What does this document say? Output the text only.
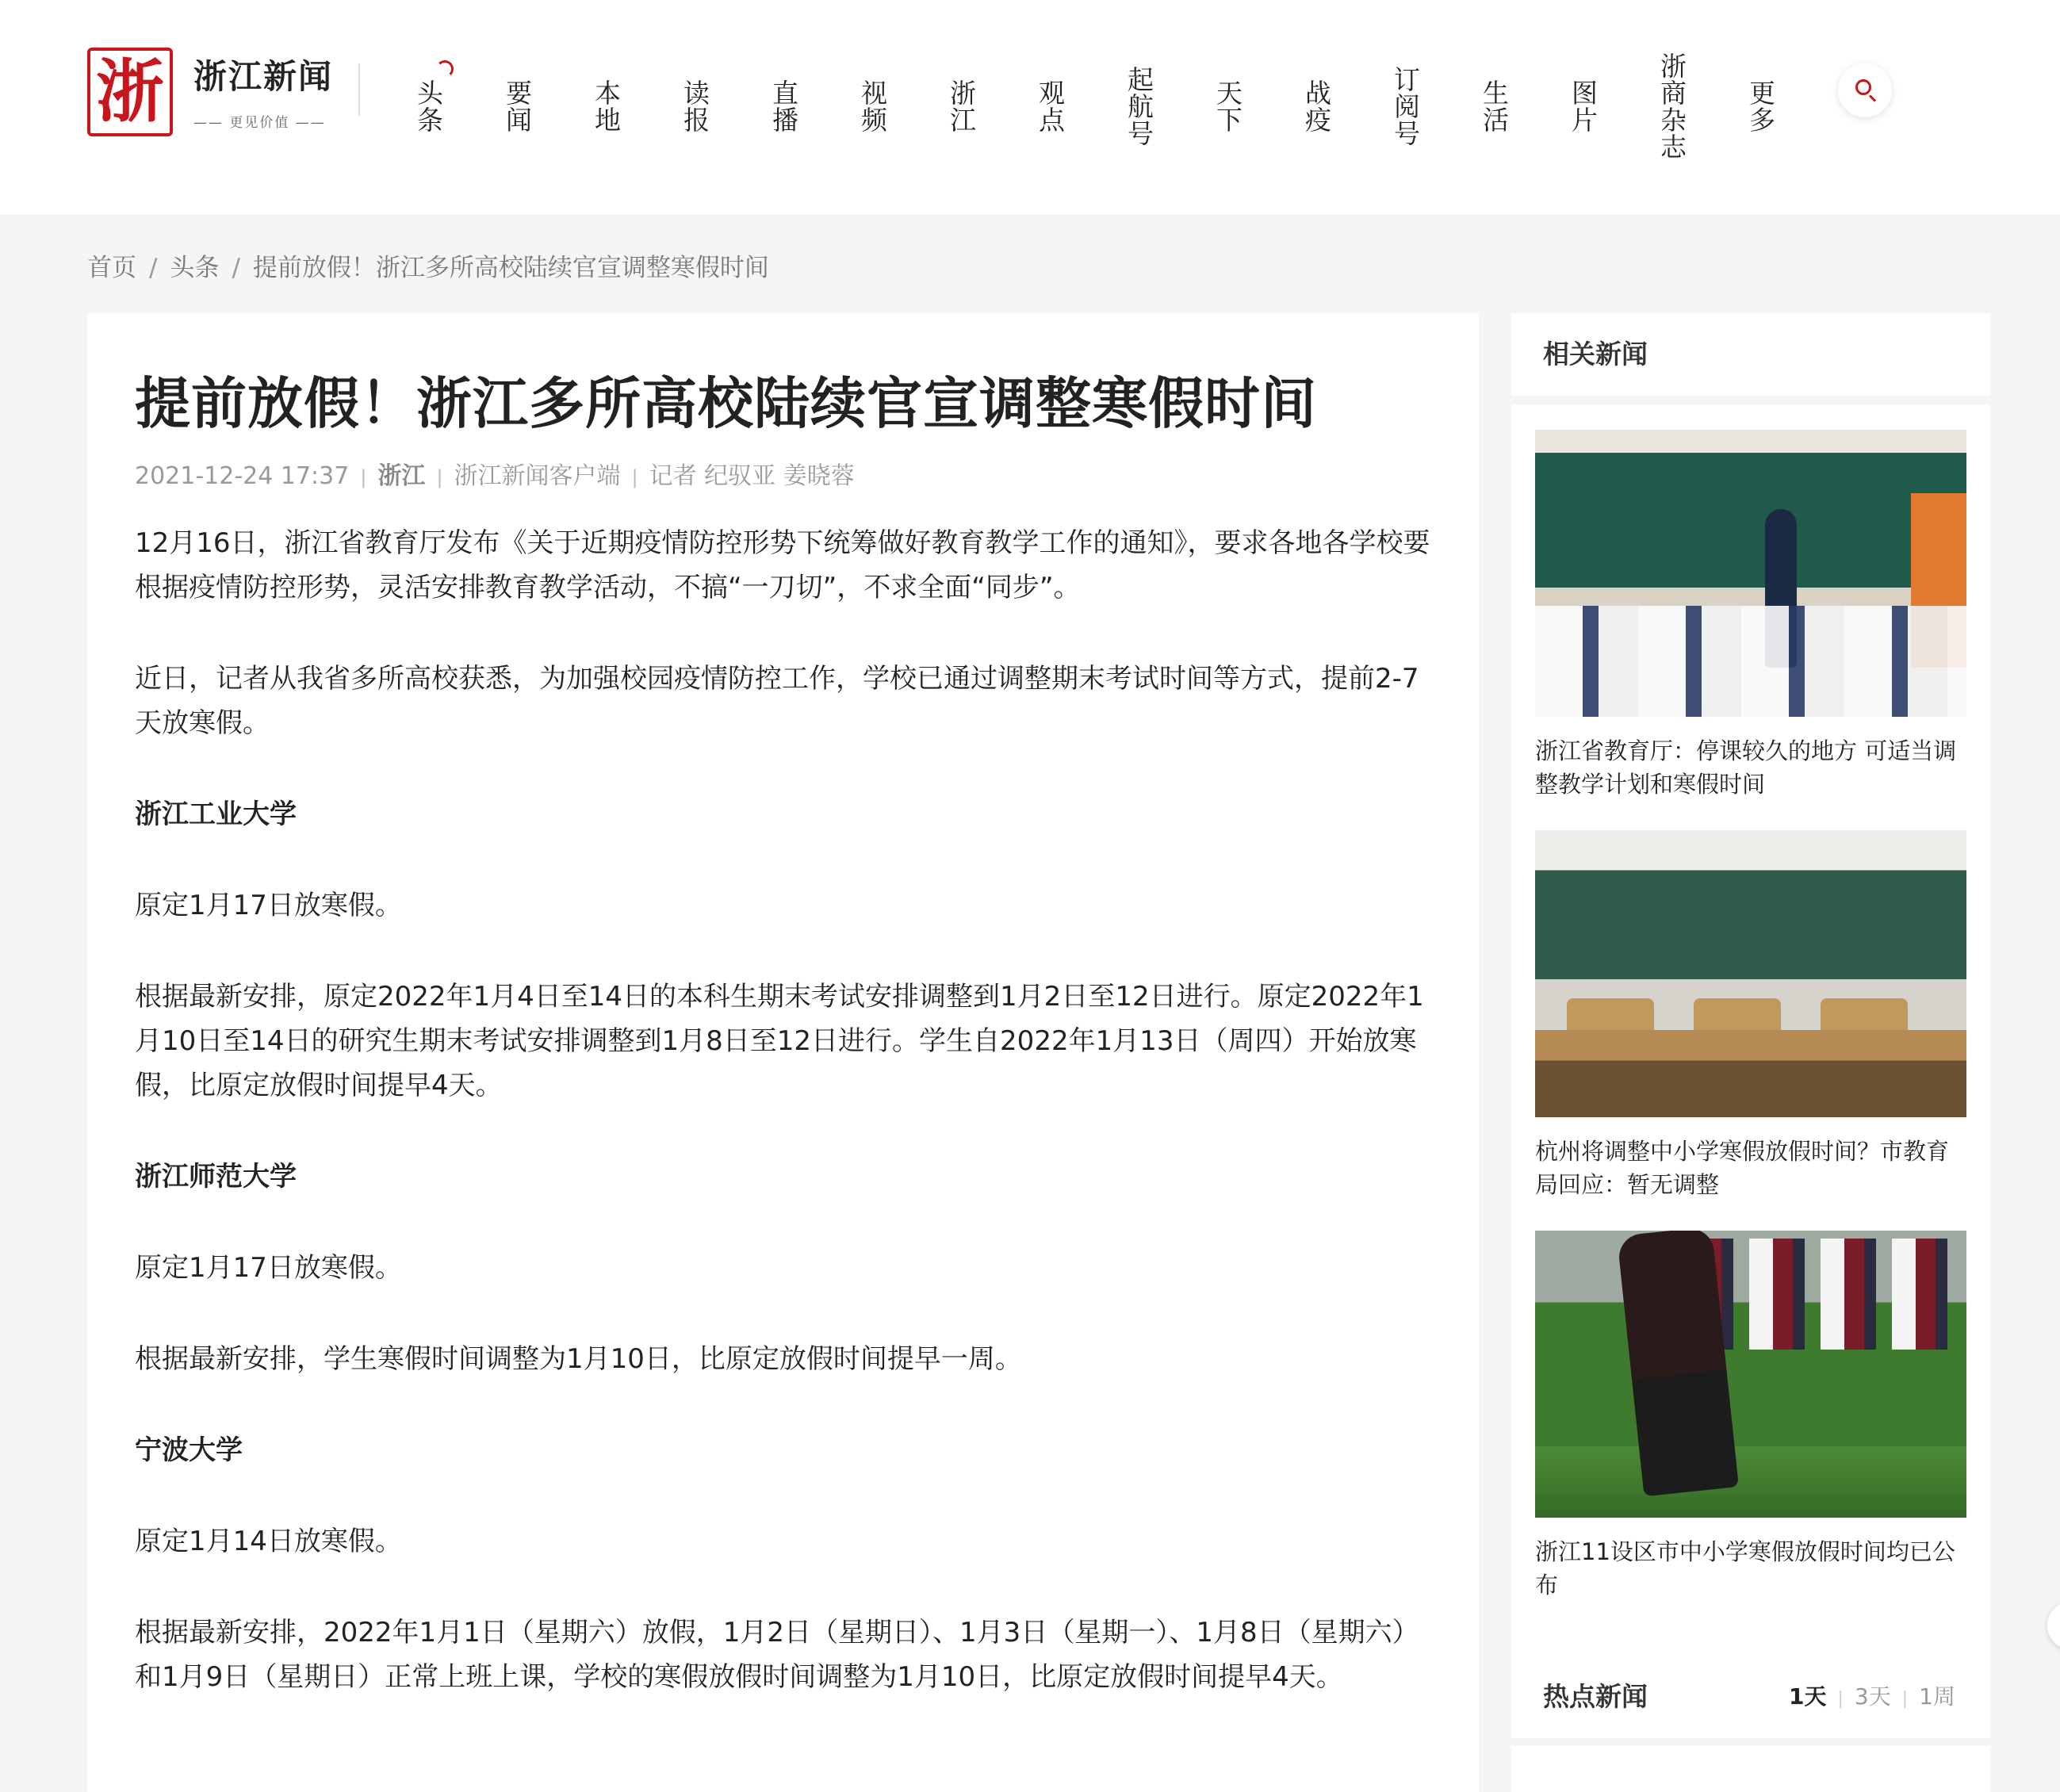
浙 浙江新闻
—— 更见价值 ——	头条 要闻 本地 读报 直播 视频 浙江 观点 起航号 天下 战疫 订阅号 生活 图片 浙商杂志 更多
首页 / 头条 / 提前放假！浙江多所高校陆续官宣调整寒假时间
提前放假！浙江多所高校陆续官宣调整寒假时间
2021-12-24 17:37 | 浙江 | 浙江新闻客户端 | 记者 纪驭亚 姜晓蓉

12月16日，浙江省教育厅发布《关于近期疫情防控形势下统筹做好教育教学工作的通知》，要求各地各学校要根据疫情防控形势，灵活安排教育教学活动，不搞“一刀切”，不求全面“同步”。

近日，记者从我省多所高校获悉，为加强校园疫情防控工作，学校已通过调整期末考试时间等方式，提前2-7天放寒假。

浙江工业大学

原定1月17日放寒假。

根据最新安排，原定2022年1月4日至14日的本科生期末考试安排调整到1月2日至12日进行。原定2022年1月10日至14日的研究生期末考试安排调整到1月8日至12日进行。学生自2022年1月13日（周四）开始放寒假，比原定放假时间提早4天。

浙江师范大学

原定1月17日放寒假。

根据最新安排，学生寒假时间调整为1月10日，比原定放假时间提早一周。

宁波大学

原定1月14日放寒假。

根据最新安排，2022年1月1日（星期六）放假，1月2日（星期日）、1月3日（星期一）、1月8日（星期六）和1月9日（星期日）正常上班上课，学校的寒假放假时间调整为1月10日，比原定放假时间提早4天。

相关新闻
浙江省教育厅：停课较久的地方 可适当调整教学计划和寒假时间
杭州将调整中小学寒假放假时间？市教育局回应：暂无调整
浙江11设区市中小学寒假放假时间均已公布
热点新闻	1天 | 3天 | 1周
